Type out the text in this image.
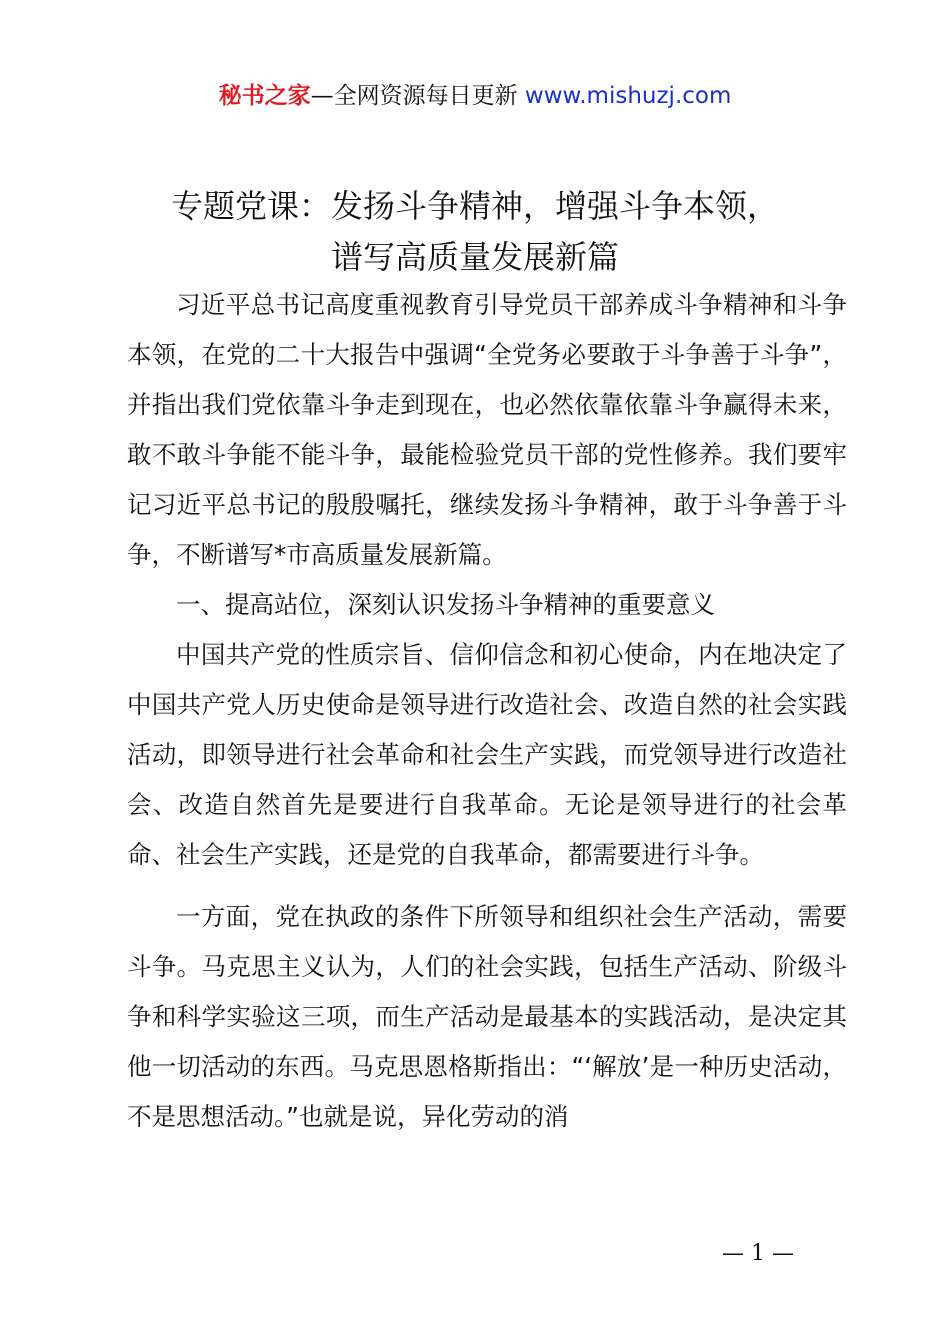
秘书之家—全网资源每日更新 www.mishuzj.com
专题党课：发扬斗争精神，增强斗争本领，
谱写高质量发展新篇

习近平总书记高度重视教育引导党员干部养成斗争精神和斗争本领，在党的二十大报告中强调“全党务必要敢于斗争善于斗争”，并指出我们党依靠斗争走到现在，也必然依靠依靠斗争赢得未来，敢不敢斗争能不能斗争，最能检验党员干部的党性修养。我们要牢记习近平总书记的殷殷嘱托，继续发扬斗争精神，敢于斗争善于斗争，不断谱写*市高质量发展新篇。

一、提高站位，深刻认识发扬斗争精神的重要意义

中国共产党的性质宗旨、信仰信念和初心使命，内在地决定了中国共产党人历史使命是领导进行改造社会、改造自然的社会实践活动，即领导进行社会革命和社会生产实践，而党领导进行改造社会、改造自然首先是要进行自我革命。无论是领导进行的社会革命、社会生产实践，还是党的自我革命，都需要进行斗争。

一方面，党在执政的条件下所领导和组织社会生产活动，需要斗争。马克思主义认为，人们的社会实践，包括生产活动、阶级斗争和科学实验这三项，而生产活动是最基本的实践活动，是决定其他一切活动的东西。马克思恩格斯指出：“‘解放’是一种历史活动，不是思想活动。”也就是说，异化劳动的消

— 1 —
